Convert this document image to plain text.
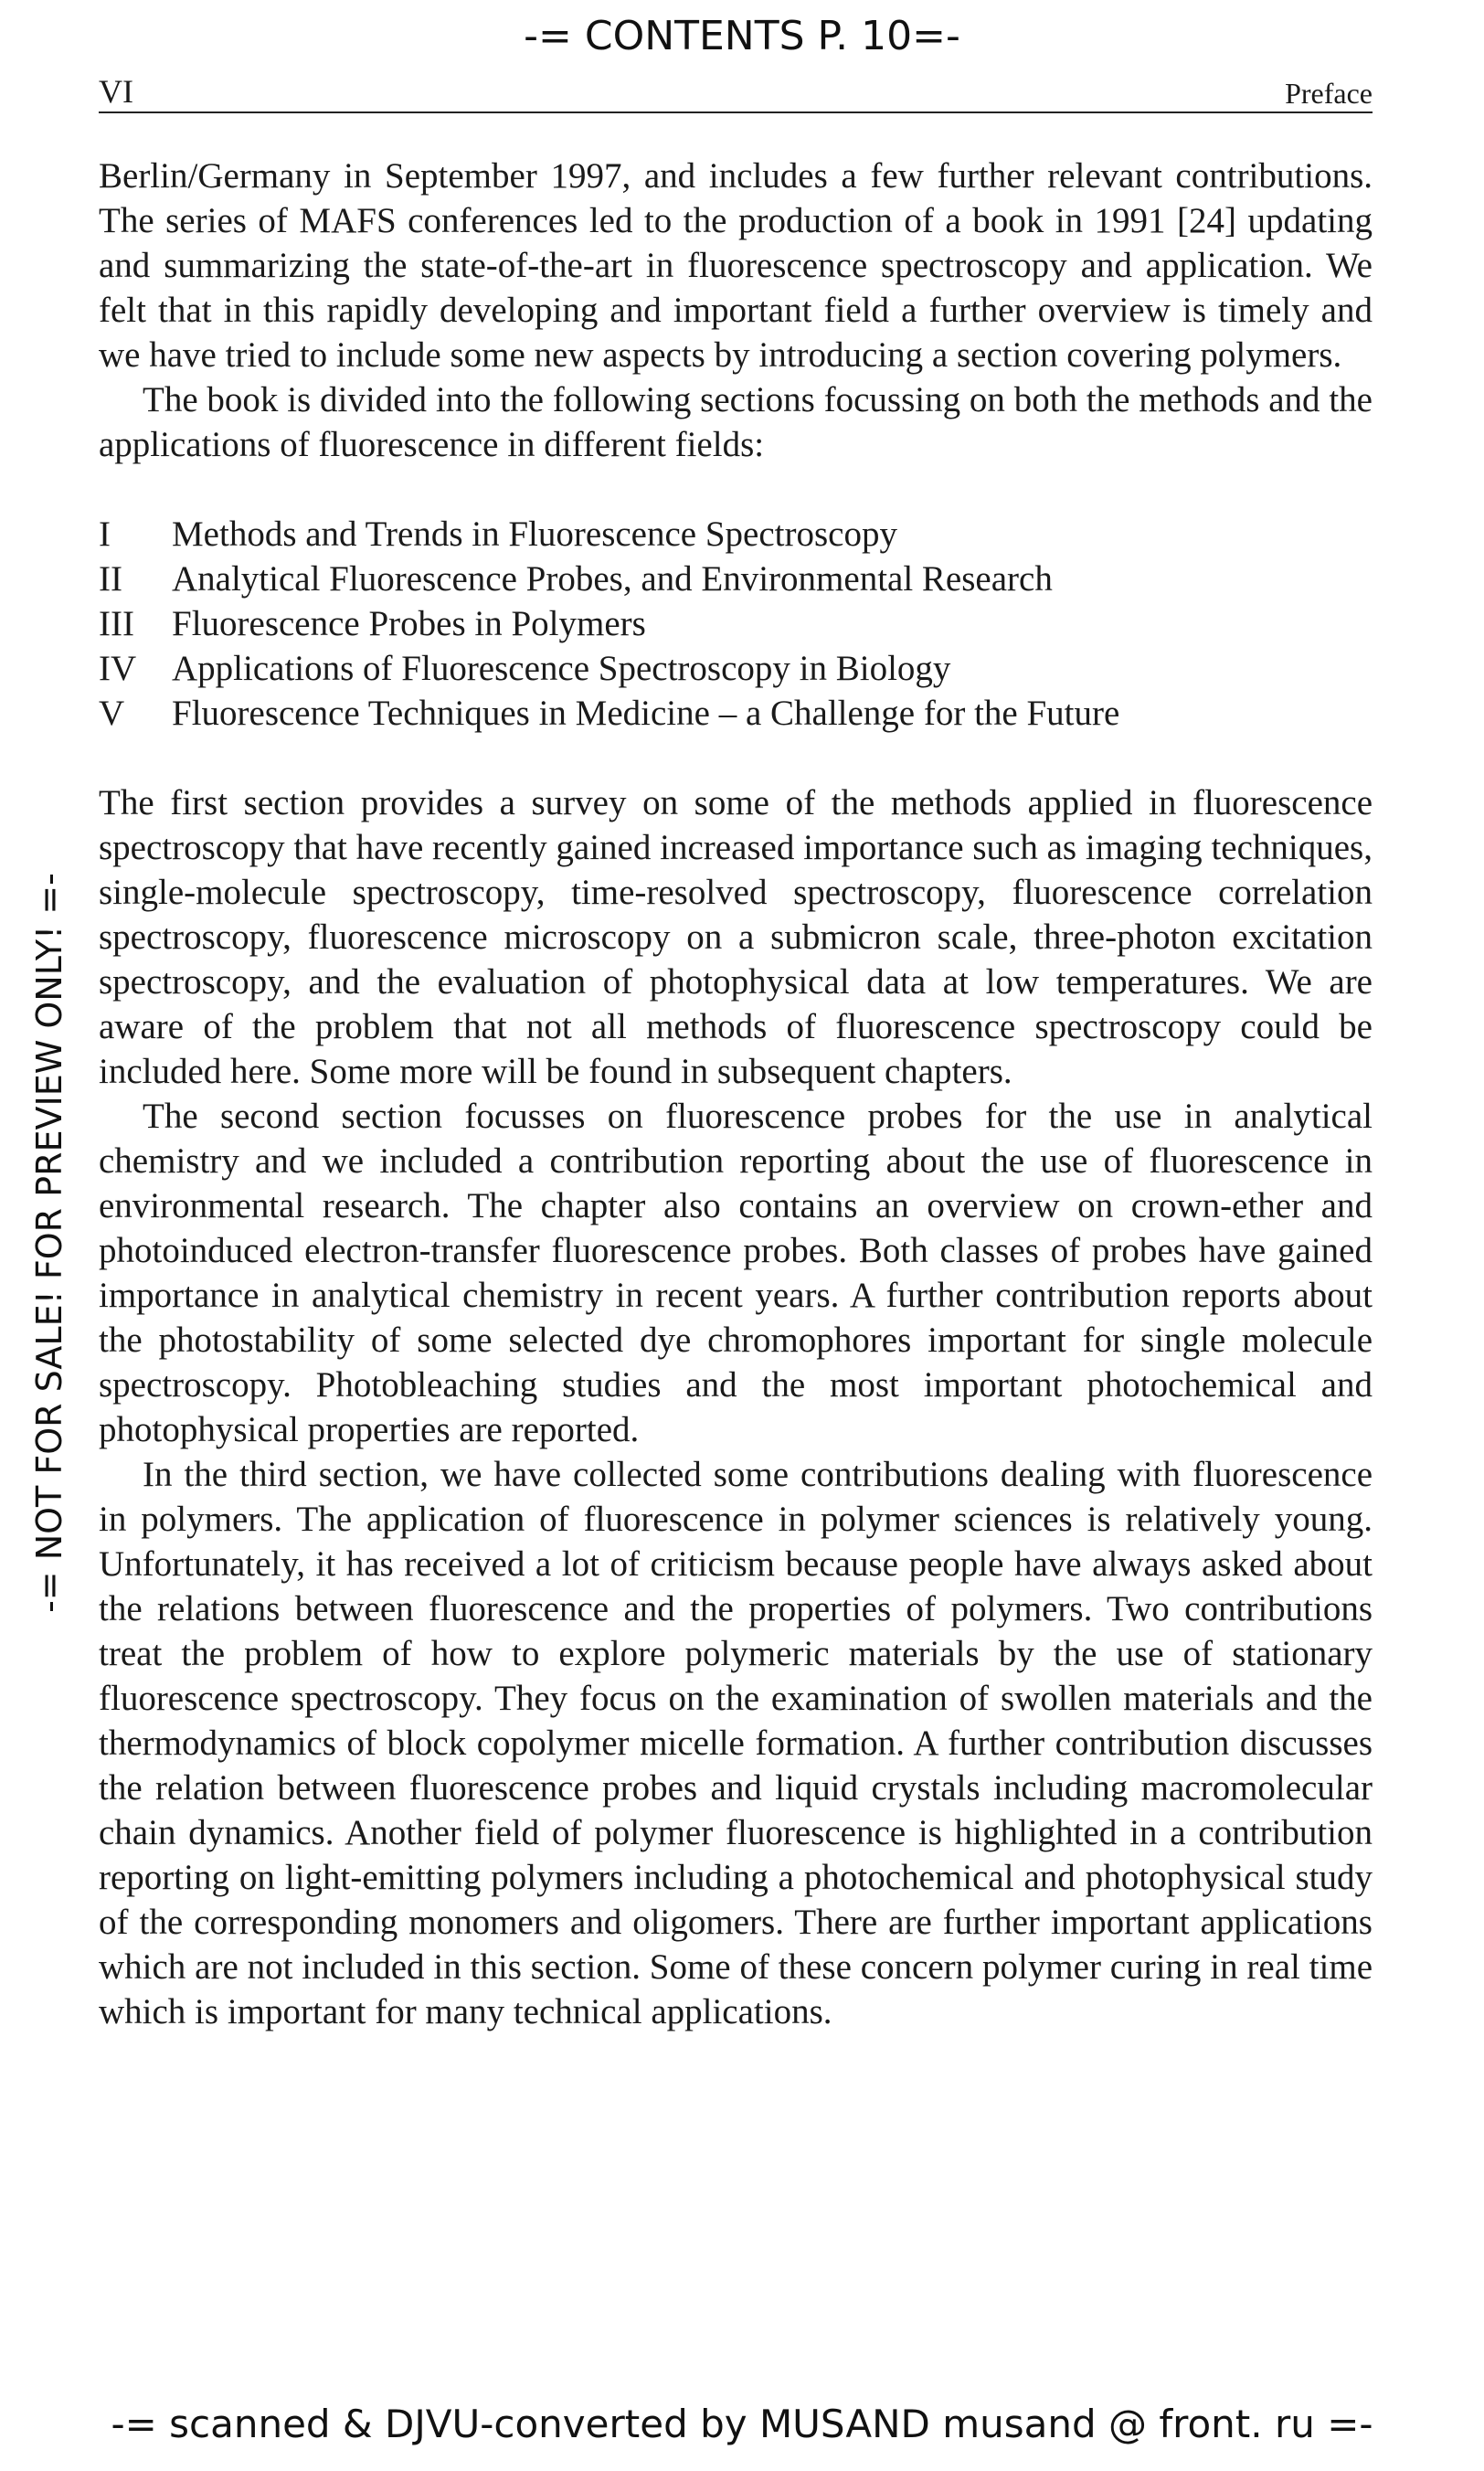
-= CONTENTS P. 10=-
-= NOT FOR SALE! FOR PREVIEW ONLY! =-
VI	Preface

Berlin/Germany in September 1997, and includes a few further relevant contributions. The series of MAFS conferences led to the production of a book in 1991 [24] updating and summarizing the state-of-the-art in fluorescence spectroscopy and application. We felt that in this rapidly developing and important field a further overview is timely and we have tried to include some new aspects by introducing a section covering polymers.

The book is divided into the following sections focussing on both the methods and the applications of fluorescence in different fields:

I	Methods and Trends in Fluorescence Spectroscopy
II	Analytical Fluorescence Probes, and Environmental Research
III	Fluorescence Probes in Polymers
IV Applications of Fluorescence Spectroscopy in Biology
V	Fluorescence Techniques in Medicine – a Challenge for the Future

The first section provides a survey on some of the methods applied in fluorescence spectroscopy that have recently gained increased importance such as imaging techniques, single-molecule spectroscopy, time-resolved spectroscopy, fluorescence correlation spectroscopy, fluorescence microscopy on a submicron scale, three-photon excitation spectroscopy, and the evaluation of photophysical data at low temperatures. We are aware of the problem that not all methods of fluorescence spectroscopy could be included here. Some more will be found in subsequent chapters.

The second section focusses on fluorescence probes for the use in analytical chemistry and we included a contribution reporting about the use of fluorescence in environmental research. The chapter also contains an overview on crown-ether and photoinduced electron-transfer fluorescence probes. Both classes of probes have gained importance in analytical chemistry in recent years. A further contribution reports about the photostability of some selected dye chromophores important for single molecule spectroscopy. Photobleaching studies and the most important photochemical and photophysical properties are reported.

In the third section, we have collected some contributions dealing with fluorescence in polymers. The application of fluorescence in polymer sciences is relatively young. Unfortunately, it has received a lot of criticism because people have always asked about the relations between fluorescence and the properties of polymers. Two contributions treat the problem of how to explore polymeric materials by the use of stationary fluorescence spectroscopy. They focus on the examination of swollen materials and the thermodynamics of block copolymer micelle formation. A further contribution discusses the relation between fluorescence probes and liquid crystals including macromolecular chain dynamics. Another field of polymer fluorescence is highlighted in a contribution reporting on light-emitting polymers including a photochemical and photophysical study of the corresponding monomers and oligomers. There are further important applications which are not included in this section. Some of these concern polymer curing in real time which is important for many technical applications.

-= scanned & DJVU-converted by MUSAND musand @ front. ru =-
